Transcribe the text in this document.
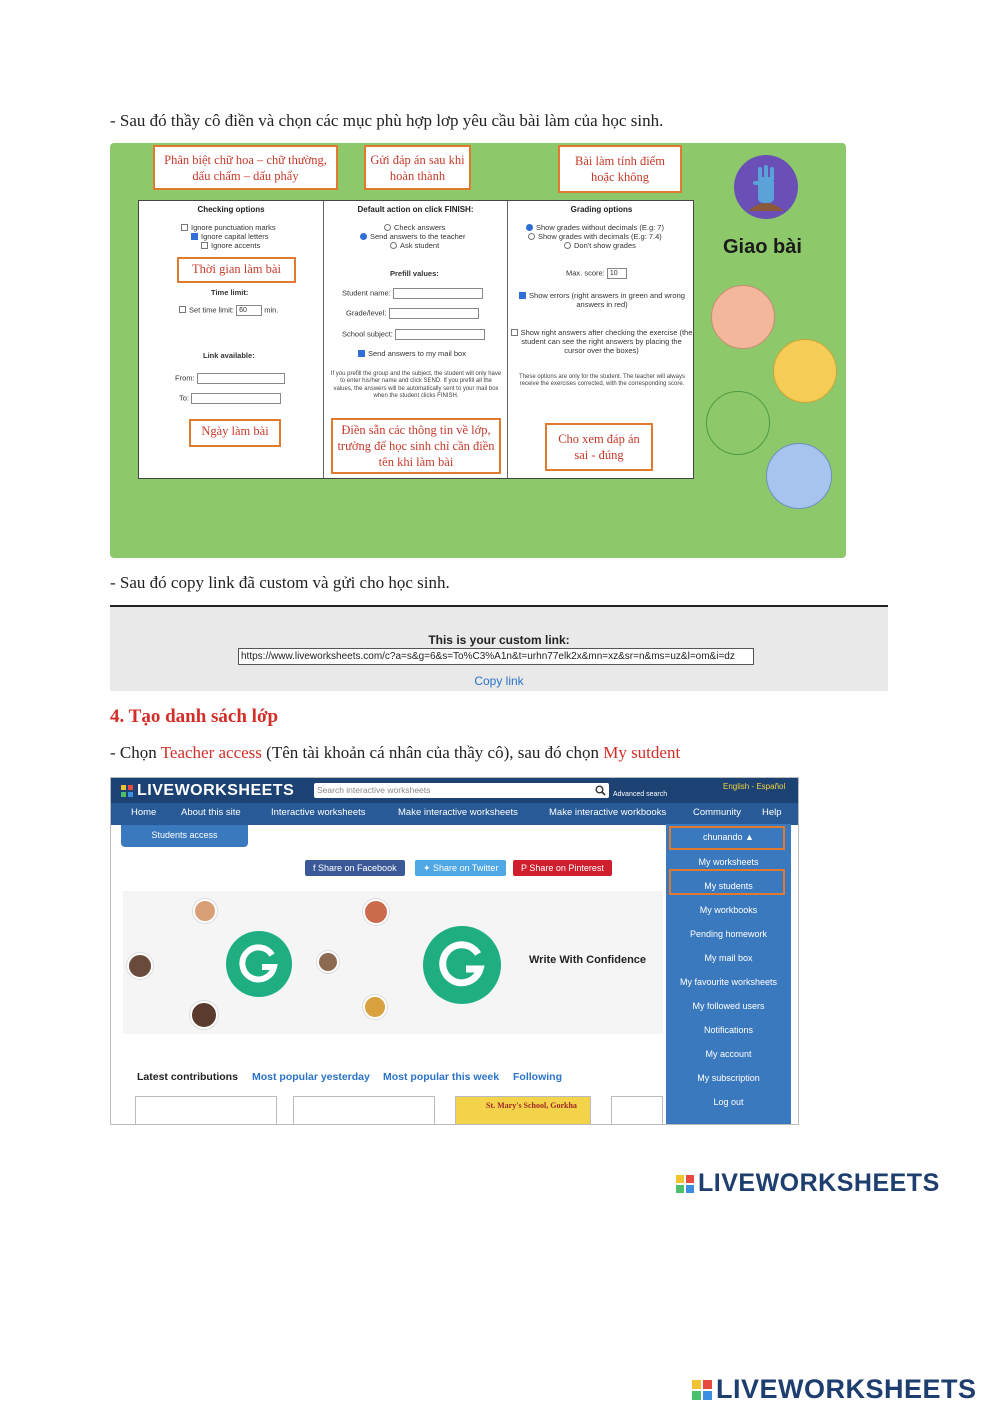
- Sau đó thầy cô điền và chọn các mục phù hợp lơp yêu cầu bài làm của học sinh.
Phân biệt chữ hoa – chữ thường, dấu chấm – dấu phẩy
Gửi đáp án sau khi hoàn thành
Bài làm tính điểm hoặc không
Checking options
Ignore punctuation marks
Ignore capital letters
Ignore accents
Thời gian làm bài
Time limit:
Set time limit: 60 min.
Link available:
From:
To:
Ngày làm bài
Default action on click FINISH:
Check answers
Send answers to the teacher
Ask student
Prefill values:
Student name:
Grade/level:
School subject:
Send answers to my mail box
If you prefill the group and the subject, the student will only have to enter his/her name and click SEND. If you prefill all the values, the answers will be automatically sent to your mail box when the student clicks FINISH.
Điền sẵn các thông tin về lớp, trường để học sinh chỉ cần điền tên khi làm bài
Grading options
Show grades without decimals (E.g: 7)
Show grades with decimals (E.g: 7.4)
Don't show grades
Max. score: 10
Show errors (right answers in green and wrong answers in red)
Show right answers after checking the exercise (the student can see the right answers by placing the cursor over the boxes)
These options are only for the student. The teacher will always receive the exercises corrected, with the corresponding score.
Cho xem đáp án sai - đúng
Giao bài
- Sau đó copy link đã custom và gửi cho học sinh.
This is your custom link:
https://www.liveworksheets.com/c?a=s&g=6&s=To%C3%A1n&t=urhn77elk2x&mn=xz&sr=n&ms=uz&l=om&i=dz
Copy link
4. Tạo danh sách lớp
- Chọn Teacher access (Tên tài khoản cá nhân của thầy cô), sau đó chọn My sutdent
LIVEWORKSHEETS	Search interactive worksheets	Advanced search
English - Español
Home	About this site	Interactive worksheets	Make interactive worksheets	Make interactive workbooks	Community Help
Students access
f Share on Facebook	✦ Share on Twitter	P Share on Pinterest
Write With Confidence
chunando ▲
My worksheets
My students
My workbooks
Pending homework
My mail box
My favourite worksheets
My followed users
Notifications
My account
My subscription
Log out
Latest contributions Most popular yesterday Most popular this week Following
St. Mary's School, Gorkha
LIVEWORKSHEETS
LIVEWORKSHEETS
